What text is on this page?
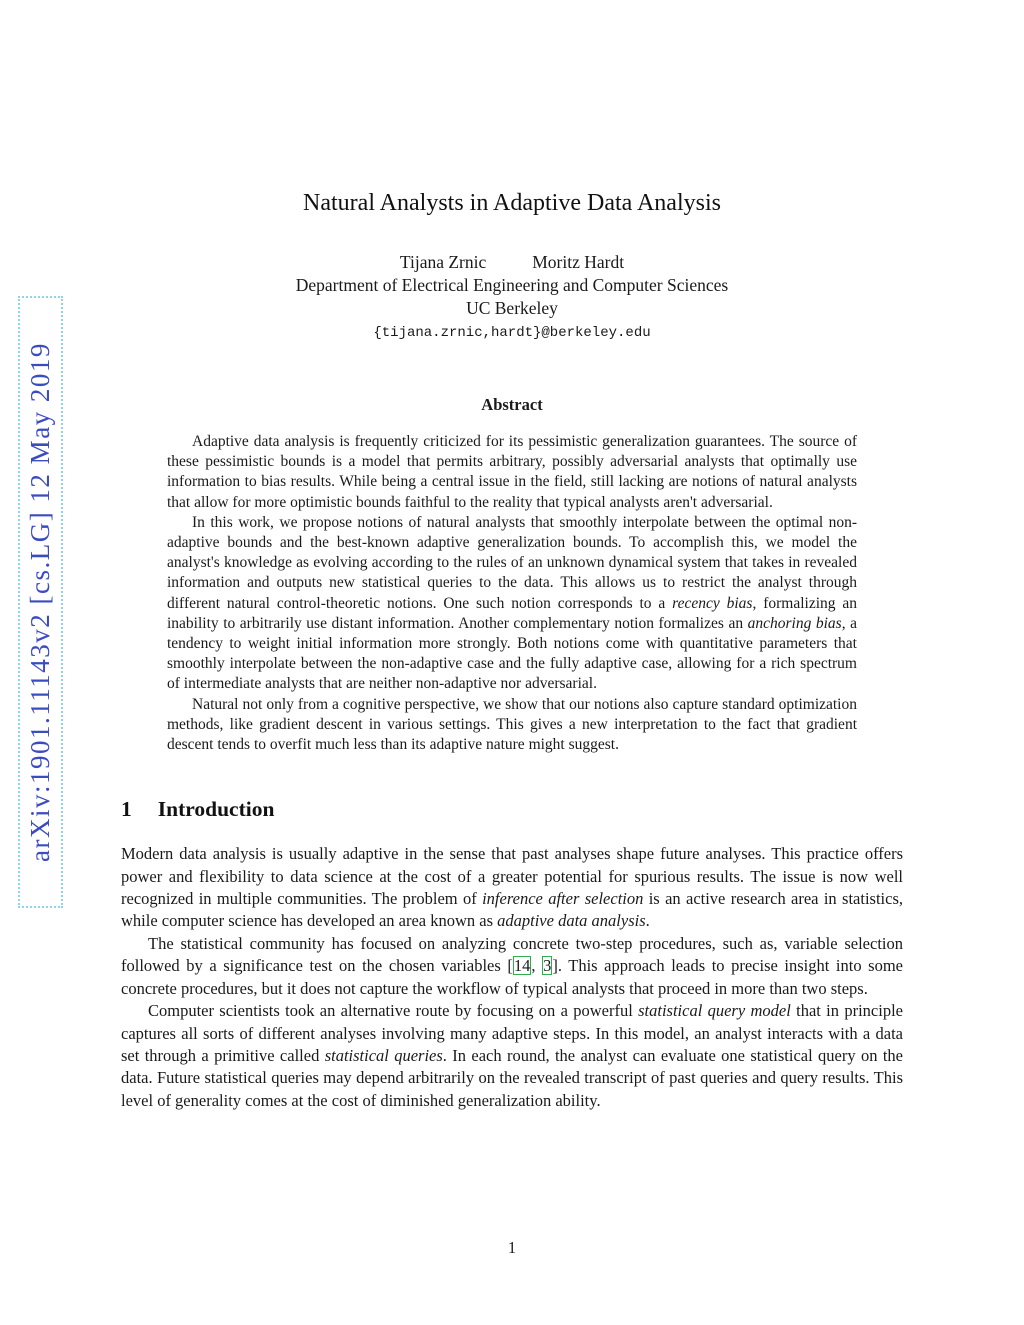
arXiv:1901.11143v2 [cs.LG] 12 May 2019
Natural Analysts in Adaptive Data Analysis
Tijana Zrnic	Moritz Hardt
Department of Electrical Engineering and Computer Sciences
UC Berkeley
{tijana.zrnic,hardt}@berkeley.edu
Abstract

Adaptive data analysis is frequently criticized for its pessimistic generalization guarantees. The source of these pessimistic bounds is a model that permits arbitrary, possibly adversarial analysts that optimally use information to bias results. While being a central issue in the field, still lacking are notions of natural analysts that allow for more optimistic bounds faithful to the reality that typical analysts aren't adversarial.

In this work, we propose notions of natural analysts that smoothly interpolate between the optimal non-adaptive bounds and the best-known adaptive generalization bounds. To accomplish this, we model the analyst's knowledge as evolving according to the rules of an unknown dynamical system that takes in revealed information and outputs new statistical queries to the data. This allows us to restrict the analyst through different natural control-theoretic notions. One such notion corresponds to a recency bias, formalizing an inability to arbitrarily use distant information. Another complementary notion formalizes an anchoring bias, a tendency to weight initial information more strongly. Both notions come with quantitative parameters that smoothly interpolate between the non-adaptive case and the fully adaptive case, allowing for a rich spectrum of intermediate analysts that are neither non-adaptive nor adversarial.

Natural not only from a cognitive perspective, we show that our notions also capture standard optimization methods, like gradient descent in various settings. This gives a new interpretation to the fact that gradient descent tends to overfit much less than its adaptive nature might suggest.

1 Introduction

Modern data analysis is usually adaptive in the sense that past analyses shape future analyses. This practice offers power and flexibility to data science at the cost of a greater potential for spurious results. The issue is now well recognized in multiple communities. The problem of inference after selection is an active research area in statistics, while computer science has developed an area known as adaptive data analysis.

The statistical community has focused on analyzing concrete two-step procedures, such as, variable selection followed by a significance test on the chosen variables [14, 3]. This approach leads to precise insight into some concrete procedures, but it does not capture the workflow of typical analysts that proceed in more than two steps.

Computer scientists took an alternative route by focusing on a powerful statistical query model that in principle captures all sorts of different analyses involving many adaptive steps. In this model, an analyst interacts with a data set through a primitive called statistical queries. In each round, the analyst can evaluate one statistical query on the data. Future statistical queries may depend arbitrarily on the revealed transcript of past queries and query results. This level of generality comes at the cost of diminished generalization ability.

1
